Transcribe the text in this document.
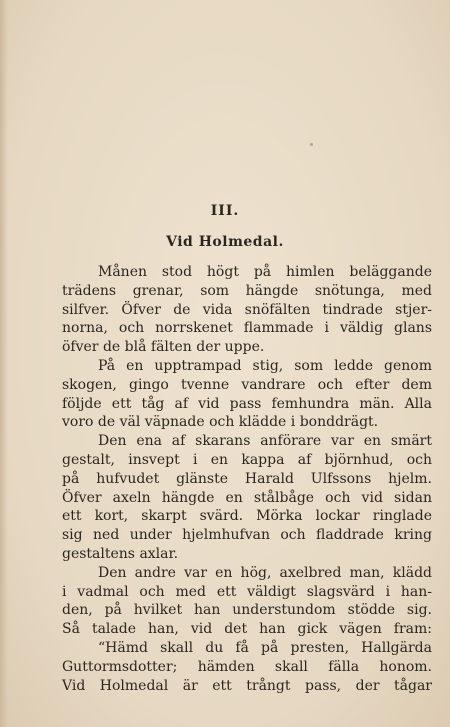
III.
Vid Holmedal.
Månen stod högt på himlen beläggande
trädens grenar, som hängde snötunga, med
silfver. Öfver de vida snöfälten tindrade stjer-
norna, och norrskenet flammade i väldig glans
öfver de blå fälten der uppe.
På en upptrampad stig, som ledde genom
skogen, gingo tvenne vandrare och efter dem
följde ett tåg af vid pass femhundra män. Alla
voro de väl väpnade och klädde i bonddrägt.
Den ena af skarans anförare var en smärt
gestalt, insvept i en kappa af björnhud, och
på hufvudet glänste Harald Ulfssons hjelm.
Öfver axeln hängde en stålbåge och vid sidan
ett kort, skarpt svärd. Mörka lockar ringlade
sig ned under hjelmhufvan och fladdrade kring
gestaltens axlar.
Den andre var en hög, axelbred man, klädd
i vadmal och med ett väldigt slagsvärd i han-
den, på hvilket han understundom stödde sig.
Så talade han, vid det han gick vägen fram:
“Hämd skall du få på presten, Hallgärda
Guttormsdotter; hämden skall fälla honom.
Vid Holmedal är ett trångt pass, der tågar
